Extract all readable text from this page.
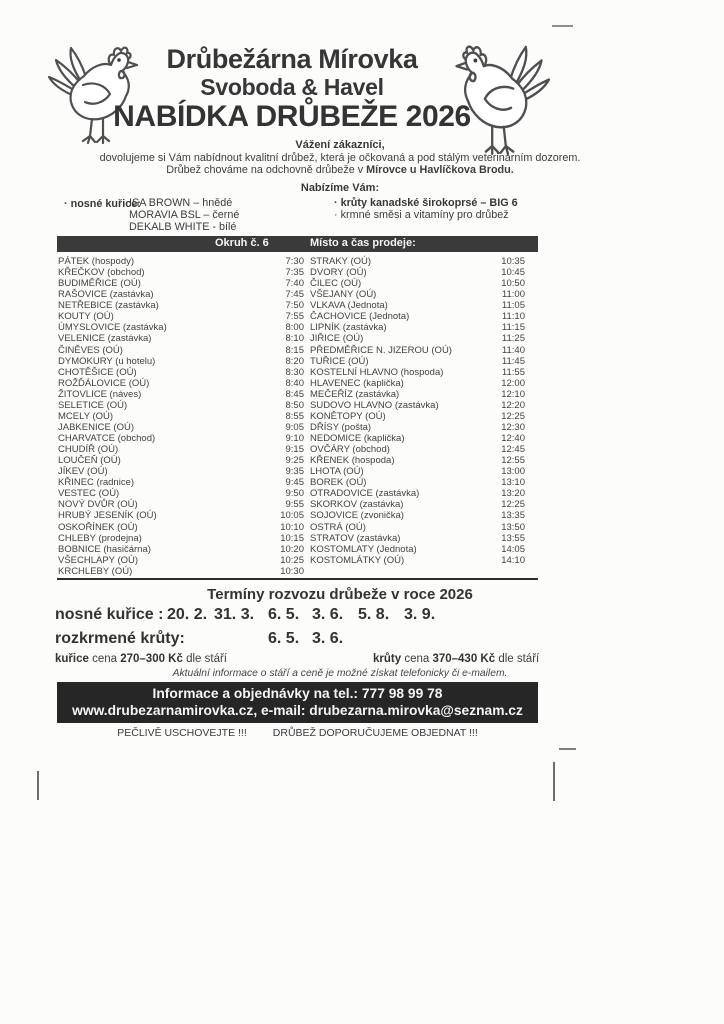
Drůbežárna Mírovka
Svoboda & Havel
NABÍDKA DRŮBEŽE 2026
Vážení zákazníci,
dovolujeme si Vám nabídnout kvalitní drůbež, která je očkovaná a pod stálým veterinárním dozorem.
Drůbež chováme na odchovně drůbeže v Mírovce u Havlíčkova Brodu.
Nabízíme Vám:
· nosné kuřice:
ISA BROWN – hnědé
MORAVIA BSL – černé
DEKALB WHITE - bílé
· krůty kanadské širokoprsé – BIG 6
· krmné směsi a vitamíny pro drůbež
Okruh č. 6	Místo a čas prodeje:
PÁTEK (hospody)	7:30
KŘEČKOV (obchod)	7:35
BUDIMĚŘICE (OÚ)	7:40
RAŠOVICE (zastávka)	7:45
NETŘEBICE (zastávka)	7:50
KOUTY (OÚ)	7:55
ÚMYSLOVICE (zastávka)	8:00
VELENICE (zastávka)	8:10
ČINĚVES (OÚ)	8:15
DYMOKURY (u hotelu)	8:20
CHOTĚŠICE (OÚ)	8:30
ROŽĎÁLOVICE (OÚ)	8:40
ŽITOVLICE (náves)	8:45
SELETICE (OÚ)	8:50
MCELY (OÚ)	8:55
JABKENICE (OÚ)	9:05
CHARVATCE (obchod)	9:10
CHUDÍŘ (OÚ)	9:15
LOUČEŇ (OÚ)	9:25
JÍKEV (OÚ)	9:35
KŘINEC (radnice)	9:45
VESTEC (OÚ)	9:50
NOVÝ DVŮR (OÚ)	9:55
HRUBÝ JESENÍK (OÚ)	10:05
OSKOŘÍNEK (OÚ)	10:10
CHLEBY (prodejna)	10:15
BOBNICE (hasičárna)	10:20
VŠECHLAPY (OÚ)	10:25
KRCHLEBY (OÚ)	10:30
STRAKY (OÚ)	10:35
DVORY (OÚ)	10:45
ČILEC (OÚ)	10:50
VŠEJANY (OÚ)	11:00
VLKAVA (Jednota)	11:05
ČACHOVICE (Jednota)	11:10
LIPNÍK (zastávka)	11:15
JIŘICE (OÚ)	11:25
PŘEDMĚŘICE N. JIZEROU (OÚ)	11:40
TUŘICE (OÚ)	11:45
KOSTELNÍ HLAVNO (hospoda)	11:55
HLAVENEC (kaplička)	12:00
MEČEŘÍZ (zastávka)	12:10
SUDOVO HLAVNO (zastávka)	12:20
KONĚTOPY (OÚ)	12:25
DŘÍSY (pošta)	12:30
NEDOMICE (kaplička)	12:40
OVČÁRY (obchod)	12:45
KŘENEK (hospoda)	12:55
LHOTA (OÚ)	13:00
BOREK (OÚ)	13:10
OTRADOVICE (zastávka)	13:20
SKORKOV (zastávka)	12:25
SOJOVICE (zvonička)	13:35
OSTRÁ (OÚ)	13:50
STRATOV (zastávka)	13:55
KOSTOMLATY (Jednota)	14:05
KOSTOMLÁTKY (OÚ)	14:10
Termíny rozvozu drůbeže v roce 2026
nosné kuřice : 20. 2. 31. 3. 6. 5. 3. 6. 5. 8. 3. 9.
rozkrmené krůty:	6. 5. 3. 6.
kuřice cena 270–300 Kč dle stáří	krůty cena 370–430 Kč dle stáří
Aktuální informace o stáří a ceně je možné získat telefonicky či e-mailem.
Informace a objednávky na tel.: 777 98 99 78
www.drubezarnamirovka.cz, e-mail: drubezarna.mirovka@seznam.cz
PEČLIVĚ USCHOVEJTE !!! DRŮBEŽ DOPORUČUJEME OBJEDNAT !!!
